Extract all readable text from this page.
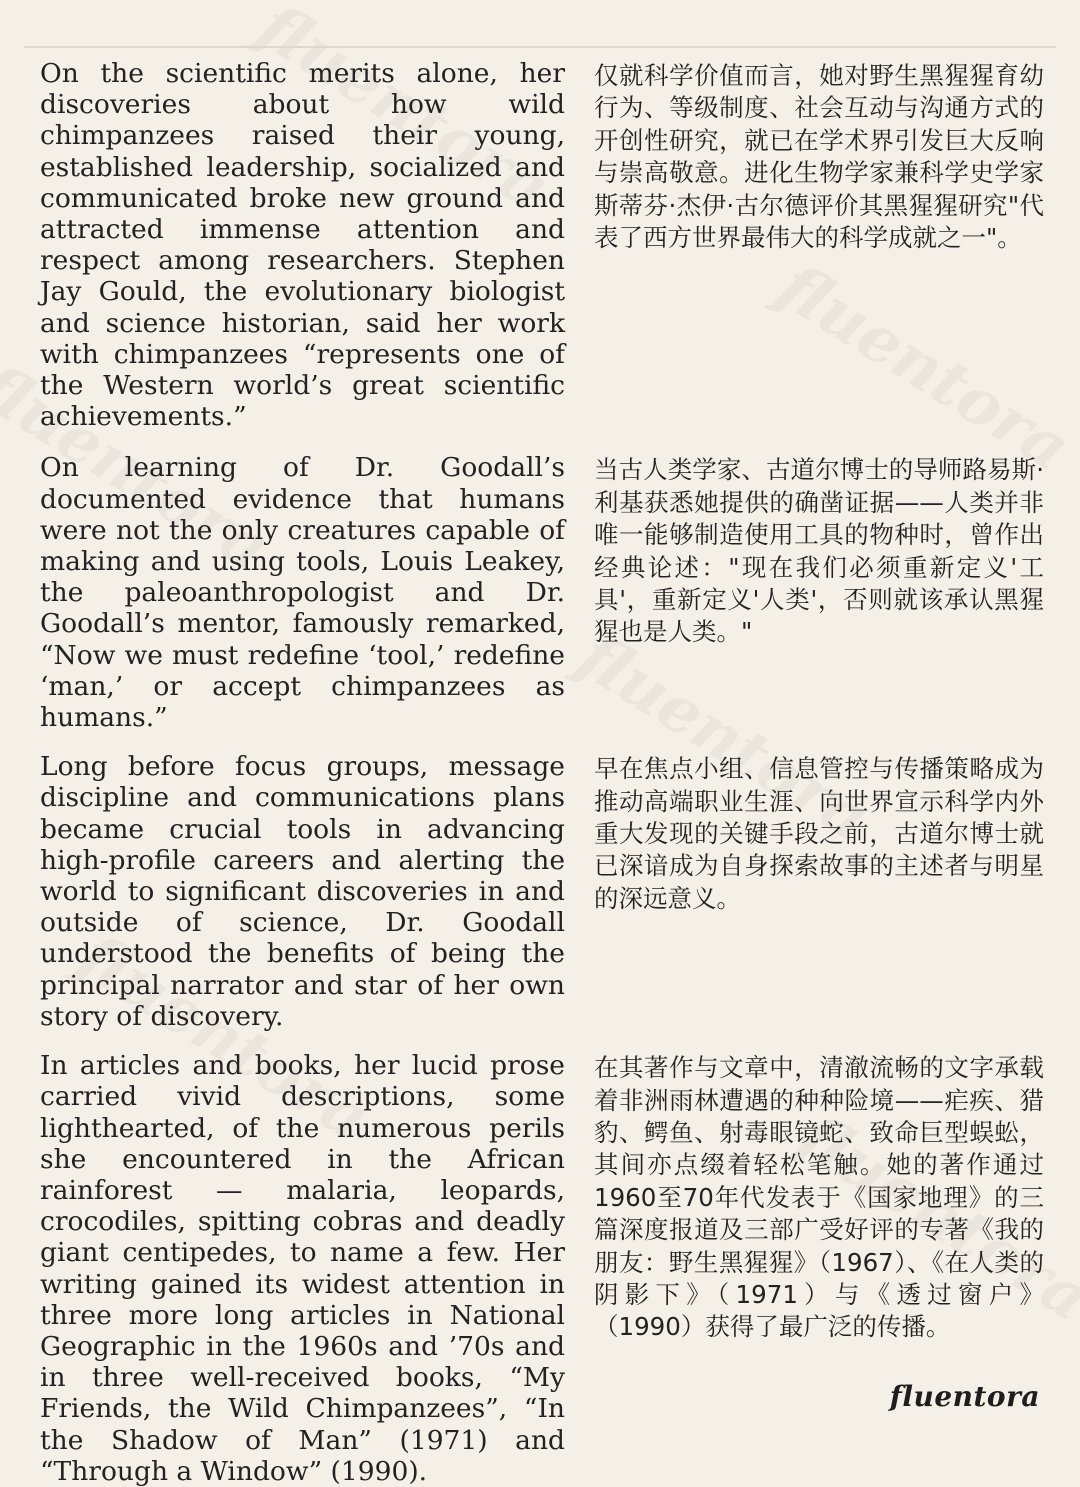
On the scientific merits alone, her discoveries about how wild chimpanzees raised their young, established leadership, socialized and communicated broke new ground and attracted immense attention and respect among researchers. Stephen Jay Gould, the evolutionary biologist and science historian, said her work with chimpanzees “represents one of the Western world’s great scientific achievements.”
仅就科学价值而言，她对野生黑猩猩育幼行为、等级制度、社会互动与沟通方式的开创性研究，就已在学术界引发巨大反响与崇高敬意。进化生物学家兼科学史学家斯蒂芬·杰伊·古尔德评价其黑猩猩研究"代表了西方世界最伟大的科学成就之一"。
On learning of Dr. Goodall’s documented evidence that humans were not the only creatures capable of making and using tools, Louis Leakey, the paleoanthropologist and Dr. Goodall’s mentor, famously remarked, “Now we must redefine ‘tool,’ redefine ‘man,’ or accept chimpanzees as humans.”
当古人类学家、古道尔博士的导师路易斯·利基获悉她提供的确凿证据——人类并非唯一能够制造使用工具的物种时，曾作出经典论述："现在我们必须重新定义'工具'，重新定义'人类'，否则就该承认黑猩猩也是人类。"
Long before focus groups, message discipline and communications plans became crucial tools in advancing high-profile careers and alerting the world to significant discoveries in and outside of science, Dr. Goodall understood the benefits of being the principal narrator and star of her own story of discovery.
早在焦点小组、信息管控与传播策略成为推动高端职业生涯、向世界宣示科学内外重大发现的关键手段之前，古道尔博士就已深谙成为自身探索故事的主述者与明星的深远意义。
In articles and books, her lucid prose carried vivid descriptions, some lighthearted, of the numerous perils she encountered in the African rainforest — malaria, leopards, crocodiles, spitting cobras and deadly giant centipedes, to name a few. Her writing gained its widest attention in three more long articles in National Geographic in the 1960s and ’70s and in three well-received books, “My Friends, the Wild Chimpanzees”, “In the Shadow of Man” (1971) and “Through a Window” (1990).
在其著作与文章中，清澈流畅的文字承载着非洲雨林遭遇的种种险境——疟疾、猎豹、鳄鱼、射毒眼镜蛇、致命巨型蜈蚣，其间亦点缀着轻松笔触。她的著作通过1960至70年代发表于《国家地理》的三篇深度报道及三部广受好评的专著《我的朋友：野生黑猩猩》（1967）、《在人类的阴影下》（1971）与《透过窗户》（1990）获得了最广泛的传播。
fluentora
